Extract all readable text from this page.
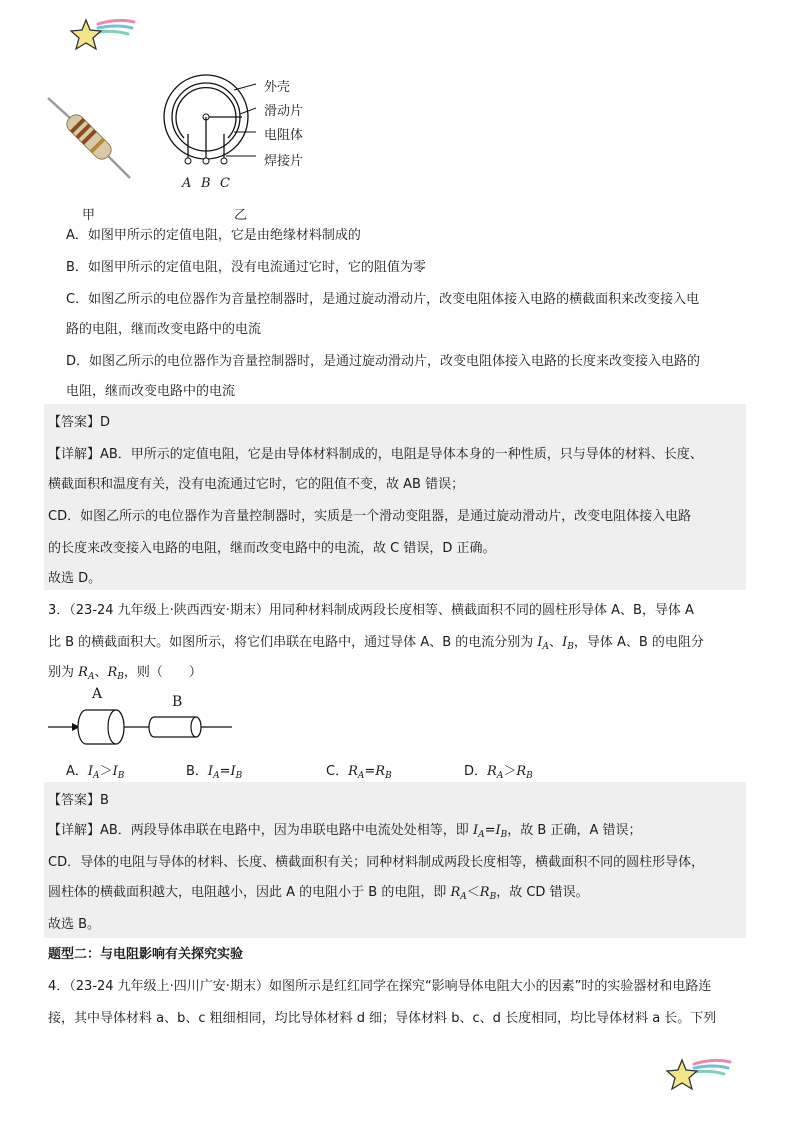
外壳
滑动片
电阻体
焊接片
A B C
甲	乙
A．如图甲所示的定值电阻，它是由绝缘材料制成的
B．如图甲所示的定值电阻，没有电流通过它时，它的阻值为零
C．如图乙所示的电位器作为音量控制器时，是通过旋动滑动片，改变电阻体接入电路的横截面积来改变接入电
路的电阻，继而改变电路中的电流
D．如图乙所示的电位器作为音量控制器时，是通过旋动滑动片，改变电阻体接入电路的长度来改变接入电路的
电阻，继而改变电路中的电流
【答案】D
【详解】AB．甲所示的定值电阻，它是由导体材料制成的，电阻是导体本身的一种性质，只与导体的材料、长度、
横截面积和温度有关，没有电流通过它时，它的阻值不变，故 AB 错误；
CD．如图乙所示的电位器作为音量控制器时，实质是一个滑动变阻器，是通过旋动滑动片，改变电阻体接入电路
的长度来改变接入电路的电阻，继而改变电路中的电流，故 C 错误，D 正确。
故选 D。
3．（23-24 九年级上·陕西西安·期末）用同种材料制成两段长度相等、横截面积不同的圆柱形导体 A、B，导体 A
比 B 的横截面积大。如图所示，将它们串联在电路中，通过导体 A、B 的电流分别为 $I_A$、$I_B$，导体 A、B 的电阻分
别为 $R_A$、$R_B$，则（　　）
A	B
A．$I_A>I_B$	B．$I_A=I_B$	C．$R_A=R_B$	D．$R_A>R_B$
【答案】B
【详解】AB．两段导体串联在电路中，因为串联电路中电流处处相等，即 $I_A=I_B$，故 B 正确，A 错误；
CD．导体的电阻与导体的材料、长度、横截面积有关；同种材料制成两段长度相等，横截面积不同的圆柱形导体，
圆柱体的横截面积越大，电阻越小，因此 A 的电阻小于 B 的电阻，即 $R_A<R_B$，故 CD 错误。
故选 B。
题型二：与电阻影响有关探究实验
4．（23-24 九年级上·四川广安·期末）如图所示是红红同学在探究“影响导体电阻大小的因素”时的实验器材和电路连
接，其中导体材料 a、b、c 粗细相同，均比导体材料 d 细；导体材料 b、c、d 长度相同，均比导体材料 a 长。下列
